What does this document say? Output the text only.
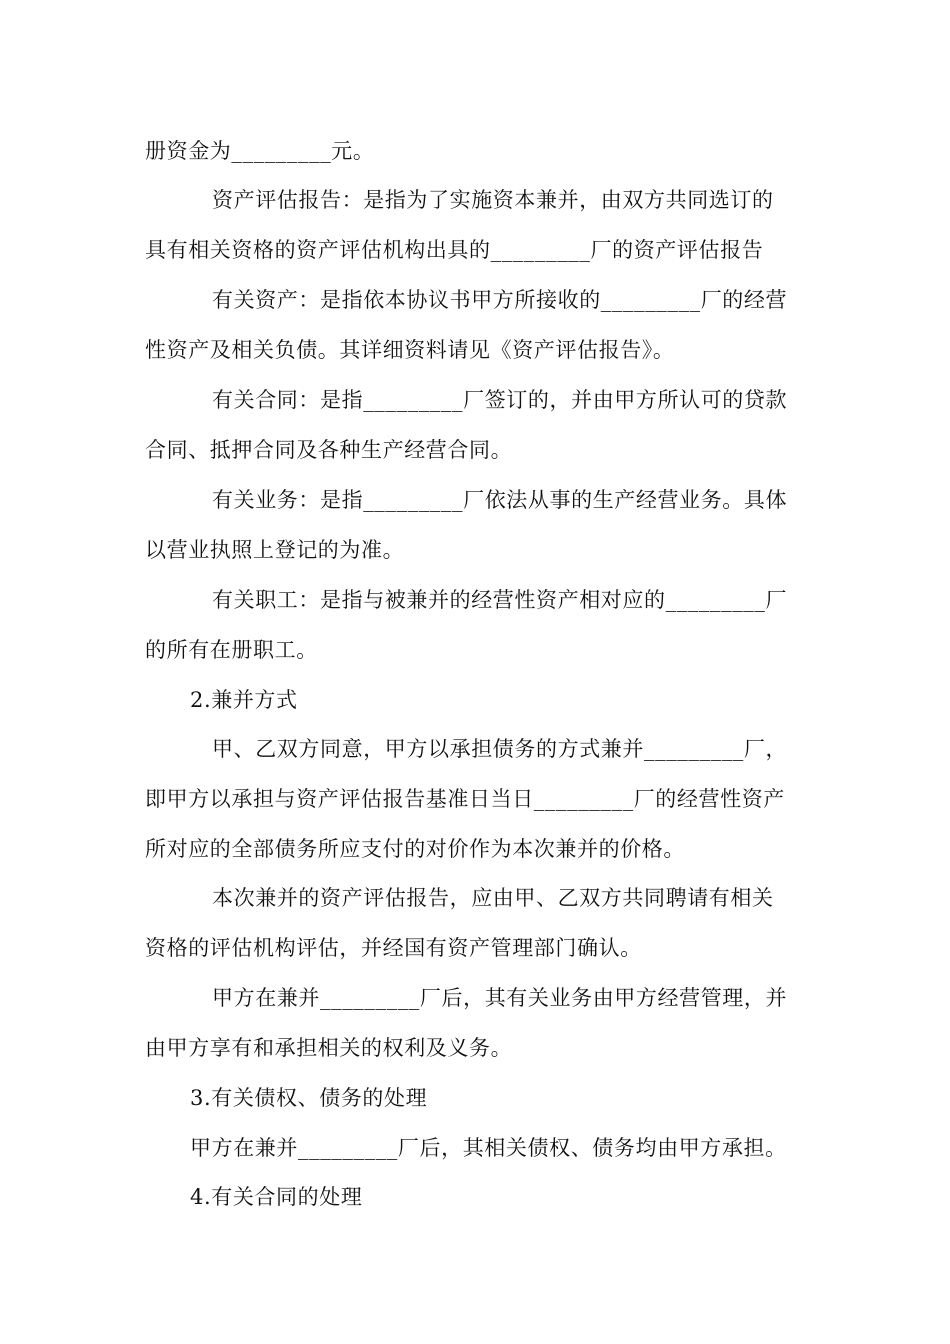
册资金为_________元。
资产评估报告：是指为了实施资本兼并，由双方共同选订的
具有相关资格的资产评估机构出具的_________厂的资产评估报告
有关资产：是指依本协议书甲方所接收的_________厂的经营
性资产及相关负债。其详细资料请见《资产评估报告》。
有关合同：是指_________厂签订的，并由甲方所认可的贷款
合同、抵押合同及各种生产经营合同。
有关业务：是指_________厂依法从事的生产经营业务。具体
以营业执照上登记的为准。
有关职工：是指与被兼并的经营性资产相对应的_________厂
的所有在册职工。
2.兼并方式
甲、乙双方同意，甲方以承担债务的方式兼并_________厂，
即甲方以承担与资产评估报告基准日当日_________厂的经营性资产
所对应的全部债务所应支付的对价作为本次兼并的价格。
本次兼并的资产评估报告，应由甲、乙双方共同聘请有相关
资格的评估机构评估，并经国有资产管理部门确认。
甲方在兼并_________厂后，其有关业务由甲方经营管理，并
由甲方享有和承担相关的权利及义务。
3.有关债权、债务的处理
甲方在兼并_________厂后，其相关债权、债务均由甲方承担。
4.有关合同的处理
